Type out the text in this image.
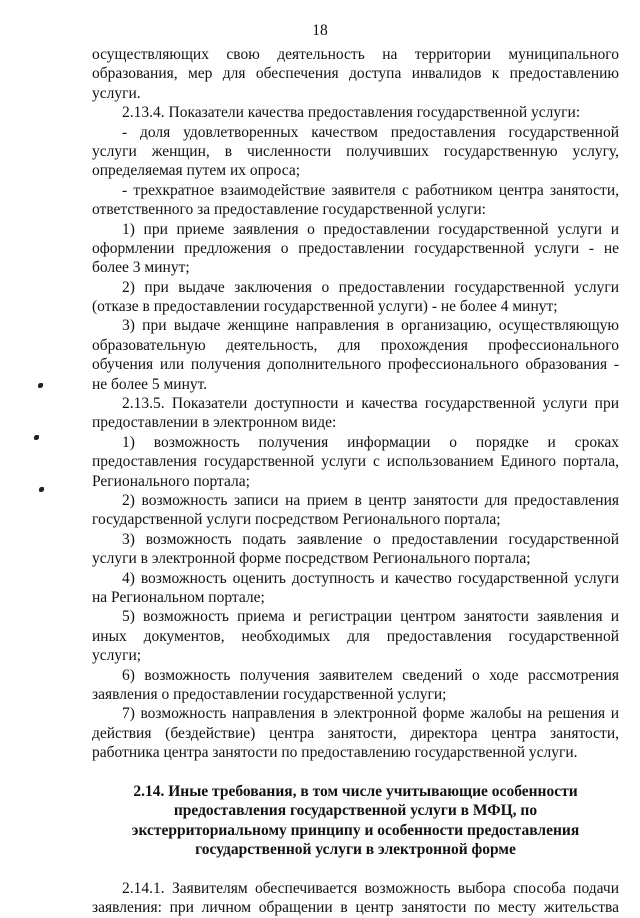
18
осуществляющих свою деятельность на территории муниципального
образования, мер для обеспечения доступа инвалидов к предоставлению
услуги.
2.13.4. Показатели качества предоставления государственной услуги:
- доля удовлетворенных качеством предоставления государственной
услуги женщин, в численности получивших государственную услугу,
определяемая путем их опроса;
- трехкратное взаимодействие заявителя с работником центра занятости,
ответственного за предоставление государственной услуги:
1) при приеме заявления о предоставлении государственной услуги и
оформлении предложения о предоставлении государственной услуги - не
более 3 минут;
2) при выдаче заключения о предоставлении государственной услуги
(отказе в предоставлении государственной услуги) - не более 4 минут;
3) при выдаче женщине направления в организацию, осуществляющую
образовательную деятельность, для прохождения профессионального
обучения или получения дополнительного профессионального образования -
не более 5 минут.
2.13.5. Показатели доступности и качества государственной услуги при
предоставлении в электронном виде:
1) возможность получения информации о порядке и сроках
предоставления государственной услуги с использованием Единого портала,
Регионального портала;
2) возможность записи на прием в центр занятости для предоставления
государственной услуги посредством Регионального портала;
3) возможность подать заявление о предоставлении государственной
услуги в электронной форме посредством Регионального портала;
4) возможность оценить доступность и качество государственной услуги
на Региональном портале;
5) возможность приема и регистрации центром занятости заявления и
иных документов, необходимых для предоставления государственной
услуги;
6) возможность получения заявителем сведений о ходе рассмотрения
заявления о предоставлении государственной услуги;
7) возможность направления в электронной форме жалобы на решения и
действия (бездействие) центра занятости, директора центра занятости,
работника центра занятости по предоставлению государственной услуги.
2.14. Иные требования, в том числе учитывающие особенности
предоставления государственной услуги в МФЦ, по
экстерриториальному принципу и особенности предоставления
государственной услуги в электронной форме
2.14.1. Заявителям обеспечивается возможность выбора способа подачи
заявления: при личном обращении в центр занятости по месту жительства
